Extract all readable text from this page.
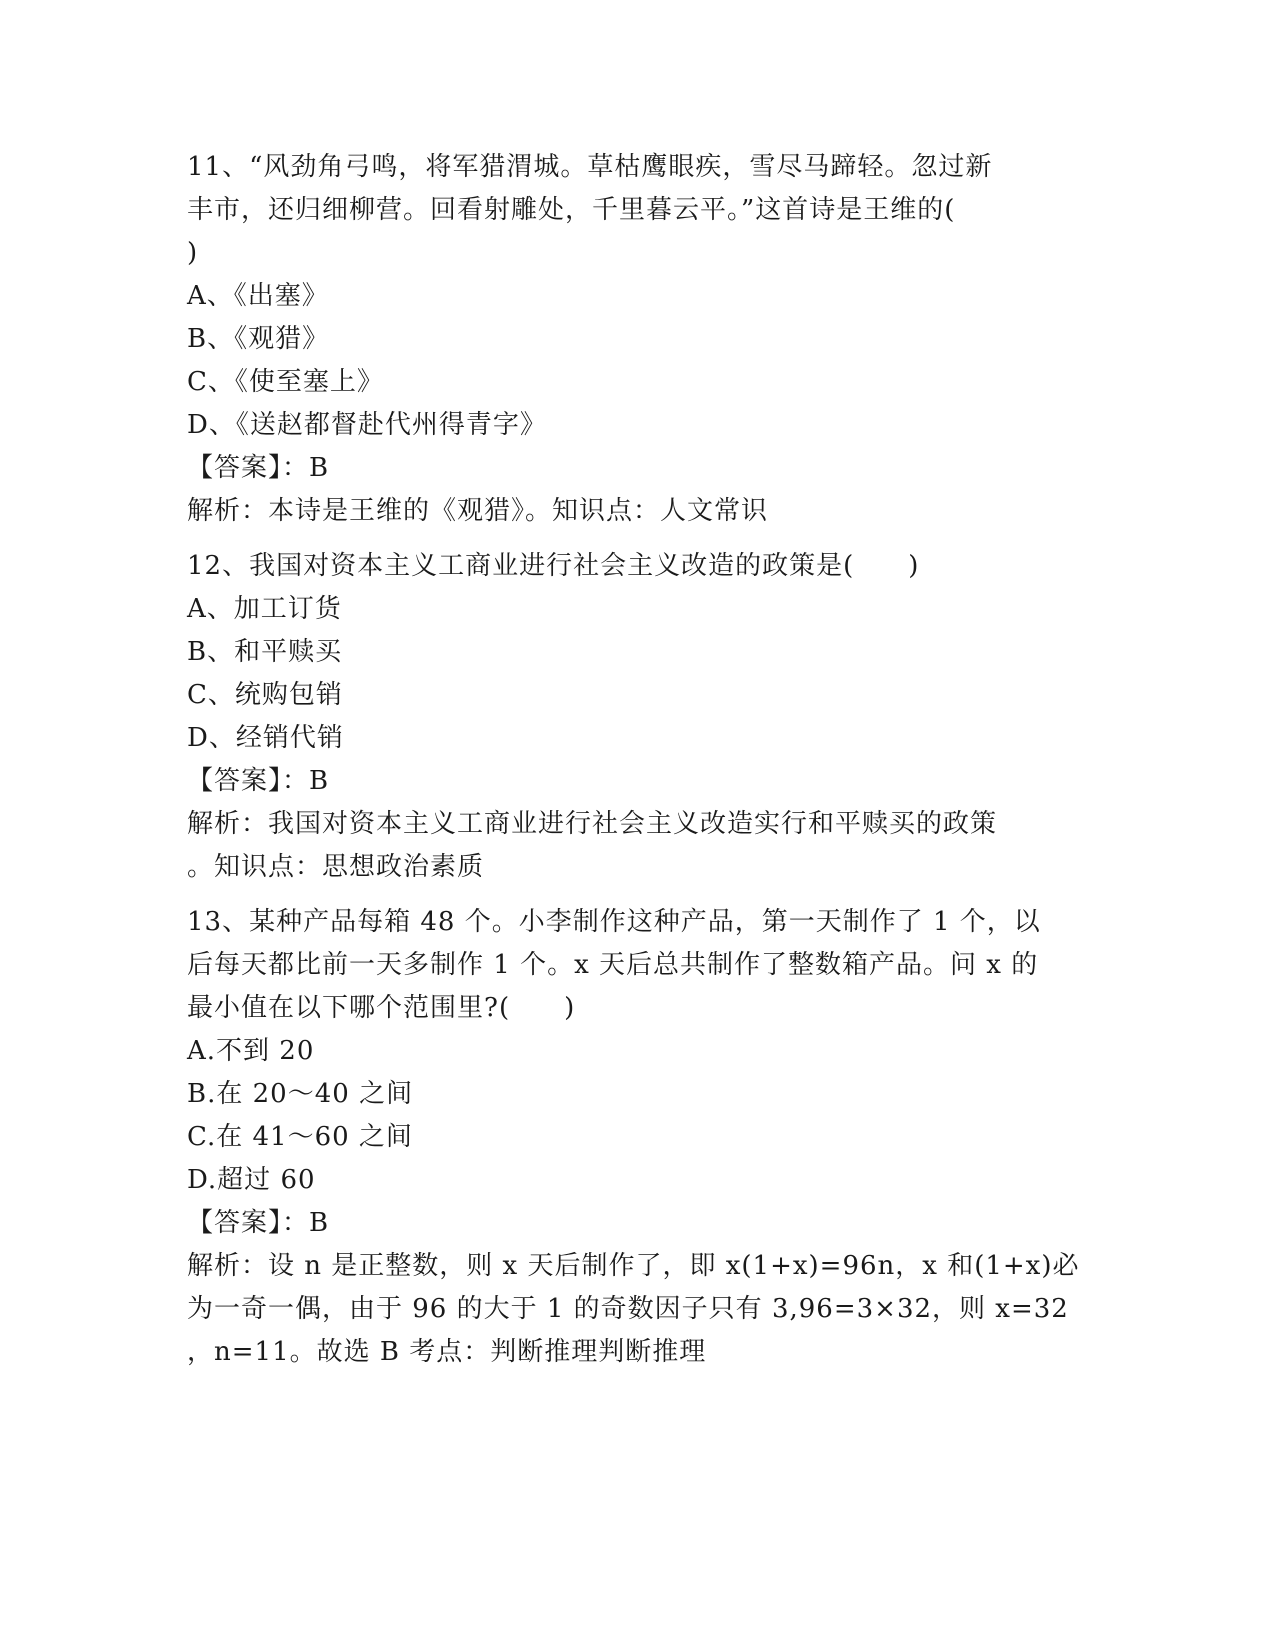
11、“风劲角弓鸣，将军猎渭城。草枯鹰眼疾，雪尽马蹄轻。忽过新
丰市，还归细柳营。回看射雕处，千里暮云平。”这首诗是王维的(
)
A、《出塞》
B、《观猎》
C、《使至塞上》
D、《送赵都督赴代州得青字》
【答案】：B
解析：本诗是王维的《观猎》。知识点：人文常识
12、我国对资本主义工商业进行社会主义改造的政策是(　　)
A、加工订货
B、和平赎买
C、统购包销
D、经销代销
【答案】：B
解析：我国对资本主义工商业进行社会主义改造实行和平赎买的政策
。知识点：思想政治素质
13、某种产品每箱 48 个。小李制作这种产品，第一天制作了 1 个，以
后每天都比前一天多制作 1 个。x 天后总共制作了整数箱产品。问 x 的
最小值在以下哪个范围里?(　　)
A.不到 20
B.在 20～40 之间
C.在 41～60 之间
D.超过 60
【答案】：B
解析：设 n 是正整数，则 x 天后制作了，即 x(1+x)=96n，x 和(1+x)必
为一奇一偶，由于 96 的大于 1 的奇数因子只有 3,96=3×32，则 x=32
，n=11。故选 B 考点：判断推理判断推理
